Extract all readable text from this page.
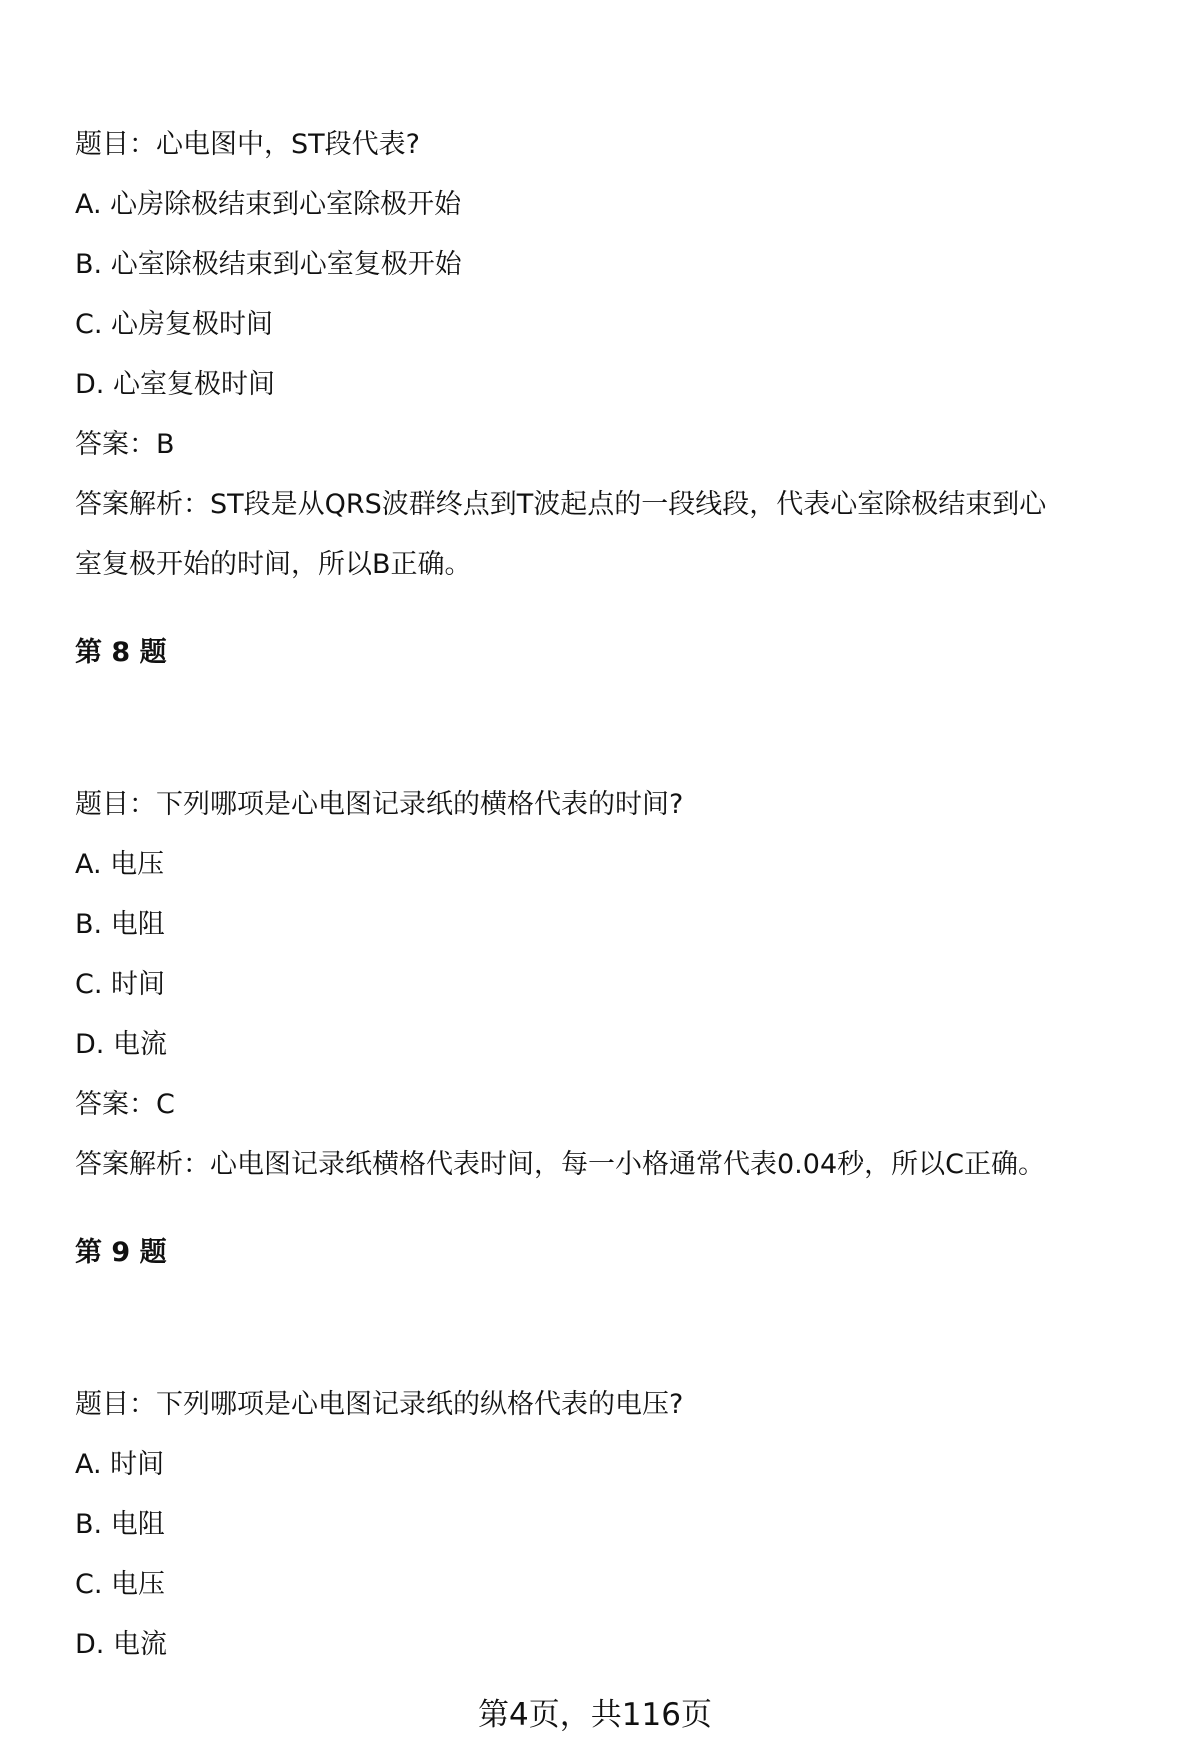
题目：心电图中，ST段代表?
A. 心房除极结束到心室除极开始
B. 心室除极结束到心室复极开始
C. 心房复极时间
D. 心室复极时间
答案：B
答案解析：ST段是从QRS波群终点到T波起点的一段线段，代表心室除极结束到心
室复极开始的时间，所以B正确。
第 8 题
题目：下列哪项是心电图记录纸的横格代表的时间?
A. 电压
B. 电阻
C. 时间
D. 电流
答案：C
答案解析：心电图记录纸横格代表时间，每一小格通常代表0.04秒，所以C正确。
第 9 题
题目：下列哪项是心电图记录纸的纵格代表的电压?
A. 时间
B. 电阻
C. 电压
D. 电流
第4页，共116页
